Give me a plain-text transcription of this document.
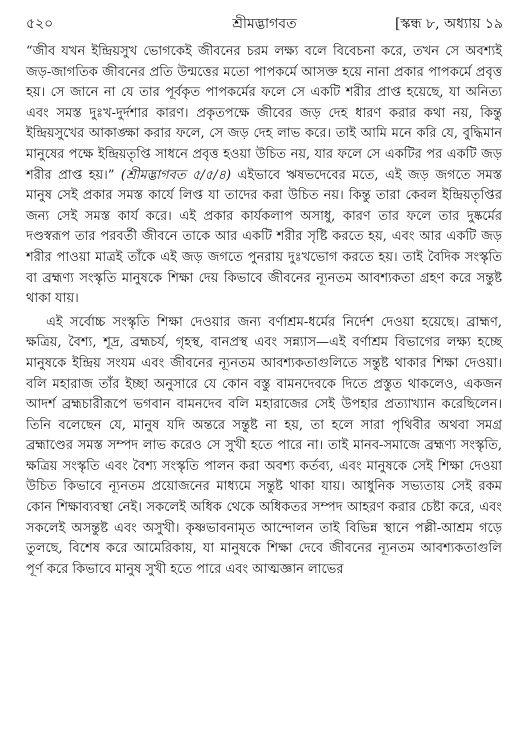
৫২০	শ্রীমদ্ভাগবত	[স্কন্ধ ৮, অধ্যায় ১৯

“জীব যখন ইন্দ্রিয়সুখ ভোগকেই জীবনের চরম লক্ষ্য বলে বিবেচনা করে, তখন সে অবশ্যই জড়-জাগতিক জীবনের প্রতি উন্মত্তের মতো পাপকর্মে আসক্ত হয়ে নানা প্রকার পাপকর্মে প্রবৃত্ত হয়। সে জানে না যে তার পূর্বকৃত পাপকর্মের ফলে সে একটি শরীর প্রাপ্ত হয়েছে, যা অনিত্য এবং সমস্ত দুঃখ-দুর্দশার কারণ। প্রকৃতপক্ষে জীবের জড় দেহ ধারণ করার কথা নয়, কিন্তু ইন্দ্রিয়সুখের আকাঙ্ক্ষা করার ফলে, সে জড় দেহ লাভ করে। তাই আমি মনে করি যে, বুদ্ধিমান মানুষের পক্ষে ইন্দ্রিয়তৃপ্তি সাধনে প্রবৃত্ত হওয়া উচিত নয়, যার ফলে সে একটির পর একটি জড় শরীর প্রাপ্ত হয়।” (শ্রীমদ্ভাগবত ৫/৫/৪) এইভাবে ঋষভদেবের মতে, এই জড় জগতে সমস্ত মানুষ সেই প্রকার সমস্ত কার্যে লিপ্ত যা তাদের করা উচিত নয়। কিন্তু তারা কেবল ইন্দ্রিয়তৃপ্তির জন্য সেই সমস্ত কার্য করে। এই প্রকার কার্যকলাপ অসাধু, কারণ তার ফলে তার দুষ্কর্মের দণ্ডস্বরূপ তার পরবর্তী জীবনে তাকে আর একটি শরীর সৃষ্টি করতে হয়, এবং আর একটি জড় শরীর পাওয়া মাত্রই তাঁকে এই জড় জগতে পুনরায় দুঃখভোগ করতে হয়। তাই বৈদিক সংস্কৃতি বা ব্রহ্মণ্য সংস্কৃতি মানুষকে শিক্ষা দেয় কিভাবে জীবনের ন্যূনতম আবশ্যকতা গ্রহণ করে সন্তুষ্ট থাকা যায়।

এই সর্বোচ্চ সংস্কৃতি শিক্ষা দেওয়ার জন্য বর্ণাশ্রম-ধর্মের নির্দেশ দেওয়া হয়েছে। ব্রাহ্মণ, ক্ষত্রিয়, বৈশ্য, শূদ্র, ব্রহ্মচর্য, গৃহস্থ, বানপ্রস্থ এবং সন্ন্যাস—এই বর্ণাশ্রম বিভাগের লক্ষ্য হচ্ছে মানুষকে ইন্দ্রিয় সংযম এবং জীবনের ন্যূনতম আবশ্যকতাগুলিতে সন্তুষ্ট থাকার শিক্ষা দেওয়া। বলি মহারাজ তাঁর ইচ্ছা অনুসারে যে কোন বস্তু বামনদেবকে দিতে প্রস্তুত থাকলেও, একজন আদর্শ ব্রহ্মচারীরূপে ভগবান বামনদেব বলি মহারাজের সেই উপহার প্রত্যাখ্যান করেছিলেন। তিনি বলেছেন যে, মানুষ যদি অন্তরে সন্তুষ্ট না হয়, তা হলে সারা পৃথিবীর অথবা সমগ্র ব্রহ্মাণ্ডের সমস্ত সম্পদ লাভ করেও সে সুখী হতে পারে না। তাই মানব-সমাজে ব্রহ্মণ্য সংস্কৃতি, ক্ষত্রিয় সংস্কৃতি এবং বৈশ্য সংস্কৃতি পালন করা অবশ্য কর্তব্য, এবং মানুষকে সেই শিক্ষা দেওয়া উচিত কিভাবে ন্যূনতম প্রয়োজনের মাধ্যমে সন্তুষ্ট থাকা যায়। আধুনিক সভ্যতায় সেই রকম কোন শিক্ষাব্যবস্থা নেই। সকলেই অধিক থেকে অধিকতর সম্পদ আহরণ করার চেষ্টা করে, এবং সকলেই অসন্তুষ্ট এবং অসুখী। কৃষ্ণভাবনামৃত আন্দোলন তাই বিভিন্ন স্থানে পল্লী-আশ্রম গড়ে তুলছে, বিশেষ করে আমেরিকায়, যা মানুষকে শিক্ষা দেবে জীবনের ন্যূনতম আবশ্যকতাগুলি পূর্ণ করে কিভাবে মানুষ সুখী হতে পারে এবং আত্মজ্ঞান লাভের
